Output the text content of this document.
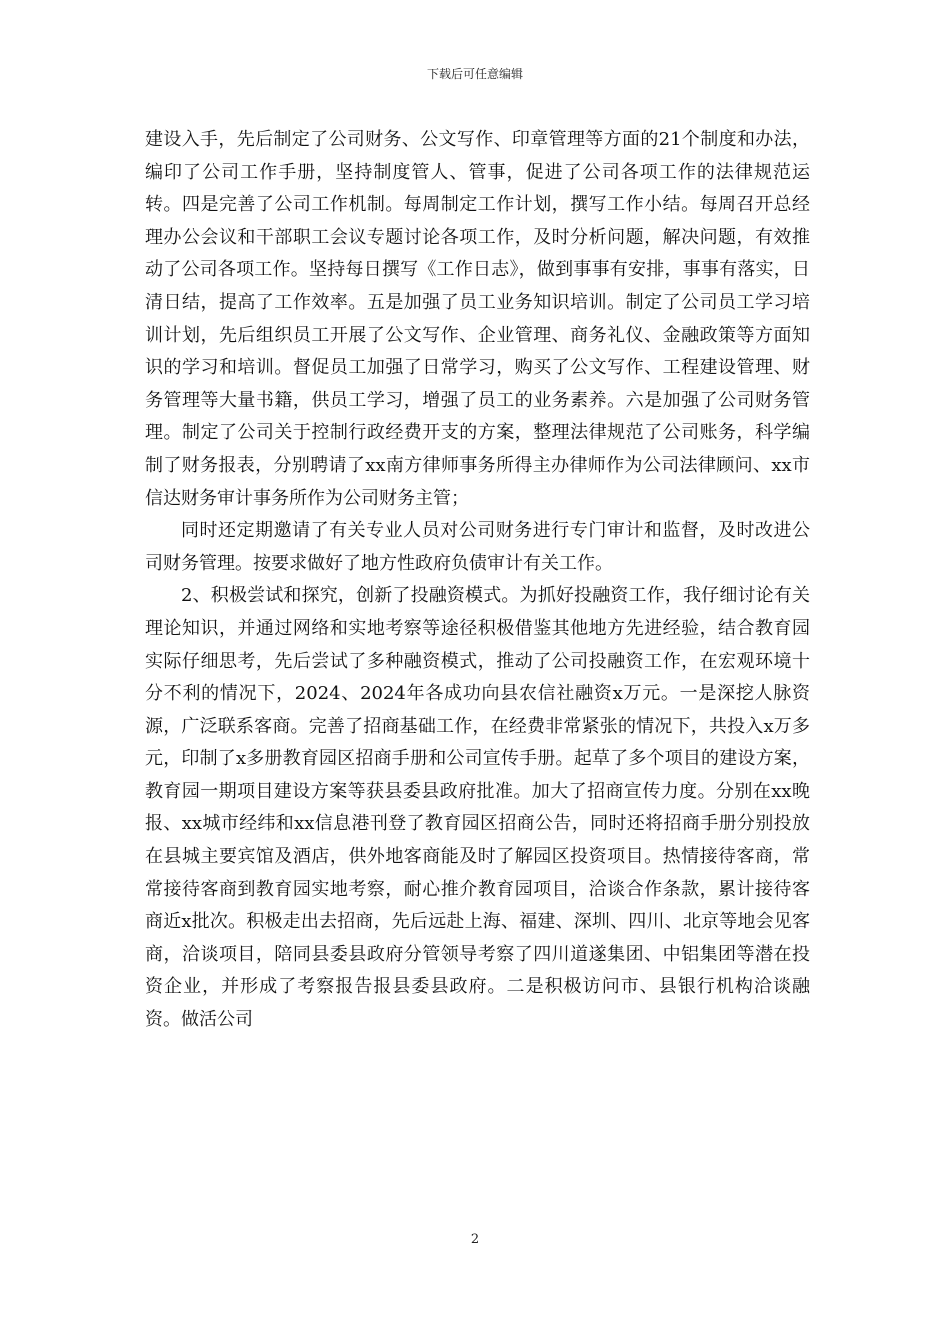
下载后可任意编辑

建设入手，先后制定了公司财务、公文写作、印章管理等方面的21个制度和办法，编印了公司工作手册，坚持制度管人、管事，促进了公司各项工作的法律规范运转。四是完善了公司工作机制。每周制定工作计划，撰写工作小结。每周召开总经理办公会议和干部职工会议专题讨论各项工作，及时分析问题，解决问题，有效推动了公司各项工作。坚持每日撰写《工作日志》，做到事事有安排，事事有落实，日清日结，提高了工作效率。五是加强了员工业务知识培训。制定了公司员工学习培训计划，先后组织员工开展了公文写作、企业管理、商务礼仪、金融政策等方面知识的学习和培训。督促员工加强了日常学习，购买了公文写作、工程建设管理、财务管理等大量书籍，供员工学习，增强了员工的业务素养。六是加强了公司财务管理。制定了公司关于控制行政经费开支的方案，整理法律规范了公司账务，科学编制了财务报表，分别聘请了xx南方律师事务所得主办律师作为公司法律顾问、xx市信达财务审计事务所作为公司财务主管；

同时还定期邀请了有关专业人员对公司财务进行专门审计和监督，及时改进公司财务管理。按要求做好了地方性政府负债审计有关工作。

2、积极尝试和探究，创新了投融资模式。为抓好投融资工作，我仔细讨论有关理论知识，并通过网络和实地考察等途径积极借鉴其他地方先进经验，结合教育园实际仔细思考，先后尝试了多种融资模式，推动了公司投融资工作，在宏观环境十分不利的情况下，2024、2024年各成功向县农信社融资x万元。一是深挖人脉资源，广泛联系客商。完善了招商基础工作，在经费非常紧张的情况下，共投入x万多元，印制了x多册教育园区招商手册和公司宣传手册。起草了多个项目的建设方案，教育园一期项目建设方案等获县委县政府批准。加大了招商宣传力度。分别在xx晚报、xx城市经纬和xx信息港刊登了教育园区招商公告，同时还将招商手册分别投放在县城主要宾馆及酒店，供外地客商能及时了解园区投资项目。热情接待客商，常常接待客商到教育园实地考察，耐心推介教育园项目，洽谈合作条款，累计接待客商近x批次。积极走出去招商，先后远赴上海、福建、深圳、四川、北京等地会见客商，洽谈项目，陪同县委县政府分管领导考察了四川道遂集团、中铝集团等潜在投资企业，并形成了考察报告报县委县政府。二是积极访问市、县银行机构洽谈融资。做活公司

2
